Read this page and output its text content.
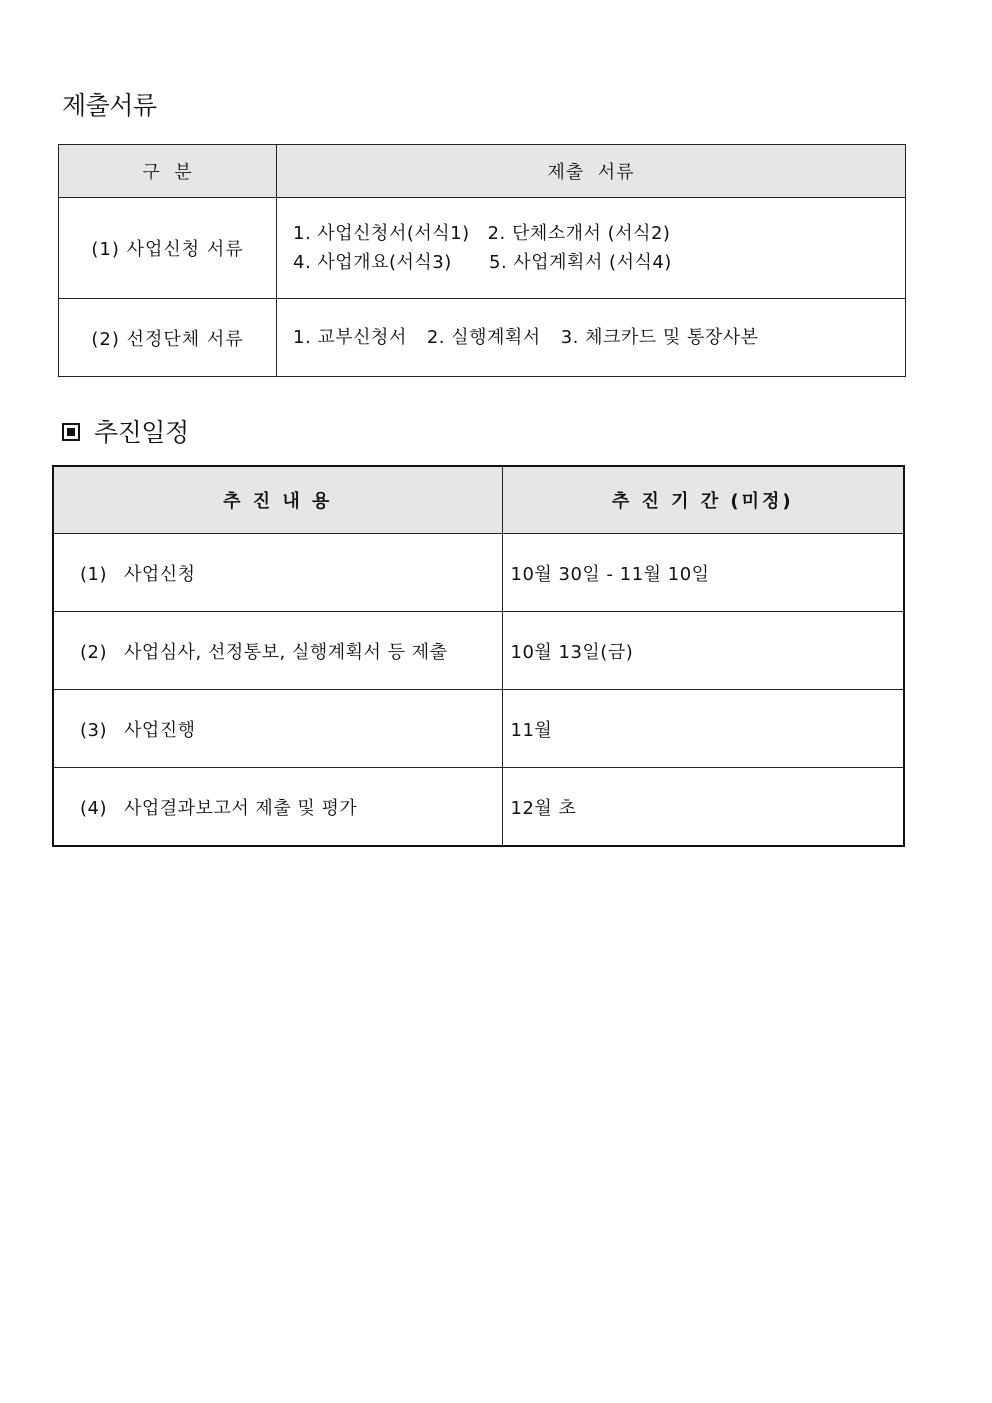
제출서류
구  분	제출  서류
(1) 사업신청 서류	1. 사업신청서(서식1) 2. 단체소개서 (서식2)
4. 사업개요(서식3) 5. 사업계획서 (서식4)

(2) 선정단체 서류	1. 교부신청서 2. 실행계획서 3. 체크카드 및 통장사본
추진일정
추 진 내 용	추 진 기 간 (미정)
(1) 사업신청	10월 30일 - 11월 10일
(2) 사업심사, 선정통보, 실행계획서 등 제출	10월 13일(금)
(3) 사업진행	11월
(4) 사업결과보고서 제출 및 평가	12월 초
